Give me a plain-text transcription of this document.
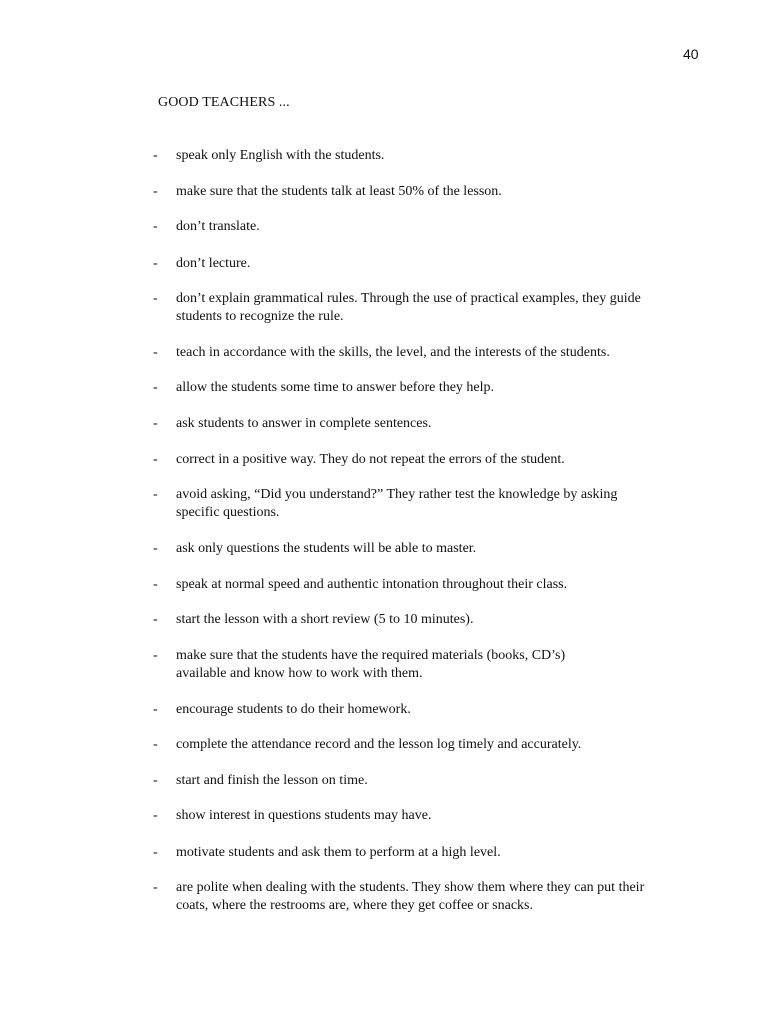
40
GOOD TEACHERS ...
- speak only English with the students.
- make sure that the students talk at least 50% of the lesson.
- don’t translate.
- don’t lecture.
- don’t explain grammatical rules. Through the use of practical examples, they guide
students to recognize the rule.
- teach in accordance with the skills, the level, and the interests of the students.
- allow the students some time to answer before they help.
- ask students to answer in complete sentences.
- correct in a positive way. They do not repeat the errors of the student.
- avoid asking, “Did you understand?” They rather test the knowledge by asking
specific questions.
- ask only questions the students will be able to master.
- speak at normal speed and authentic intonation throughout their class.
- start the lesson with a short review (5 to 10 minutes).
- make sure that the students have the required materials (books, CD’s)
available and know how to work with them.
- encourage students to do their homework.
- complete the attendance record and the lesson log timely and accurately.
- start and finish the lesson on time.
- show interest in questions students may have.
- motivate students and ask them to perform at a high level.
- are polite when dealing with the students. They show them where they can put their
coats, where the restrooms are, where they get coffee or snacks.
